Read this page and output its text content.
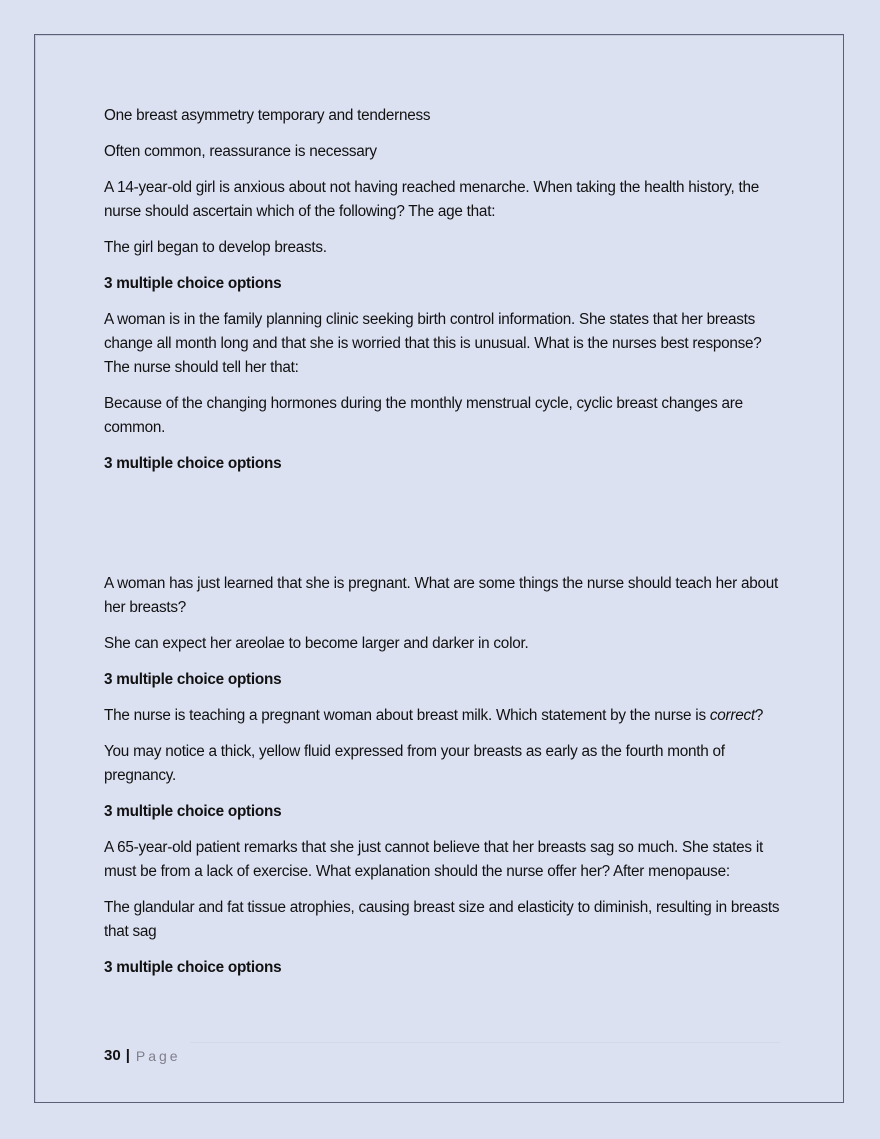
One breast asymmetry temporary and tenderness

Often common, reassurance is necessary

A 14-year-old girl is anxious about not having reached menarche. When taking the health history, the nurse should ascertain which of the following? The age that:

The girl began to develop breasts.

3 multiple choice options

A woman is in the family planning clinic seeking birth control information. She states that her breasts change all month long and that she is worried that this is unusual. What is the nurses best response? The nurse should tell her that:

Because of the changing hormones during the monthly menstrual cycle, cyclic breast changes are common.

3 multiple choice options

A woman has just learned that she is pregnant. What are some things the nurse should teach her about her breasts?

She can expect her areolae to become larger and darker in color.

3 multiple choice options

The nurse is teaching a pregnant woman about breast milk. Which statement by the nurse is correct?

You may notice a thick, yellow fluid expressed from your breasts as early as the fourth month of pregnancy.

3 multiple choice options

A 65-year-old patient remarks that she just cannot believe that her breasts sag so much. She states it must be from a lack of exercise. What explanation should the nurse offer her? After menopause:

The glandular and fat tissue atrophies, causing breast size and elasticity to diminish, resulting in breasts that sag

3 multiple choice options

30 | Page
